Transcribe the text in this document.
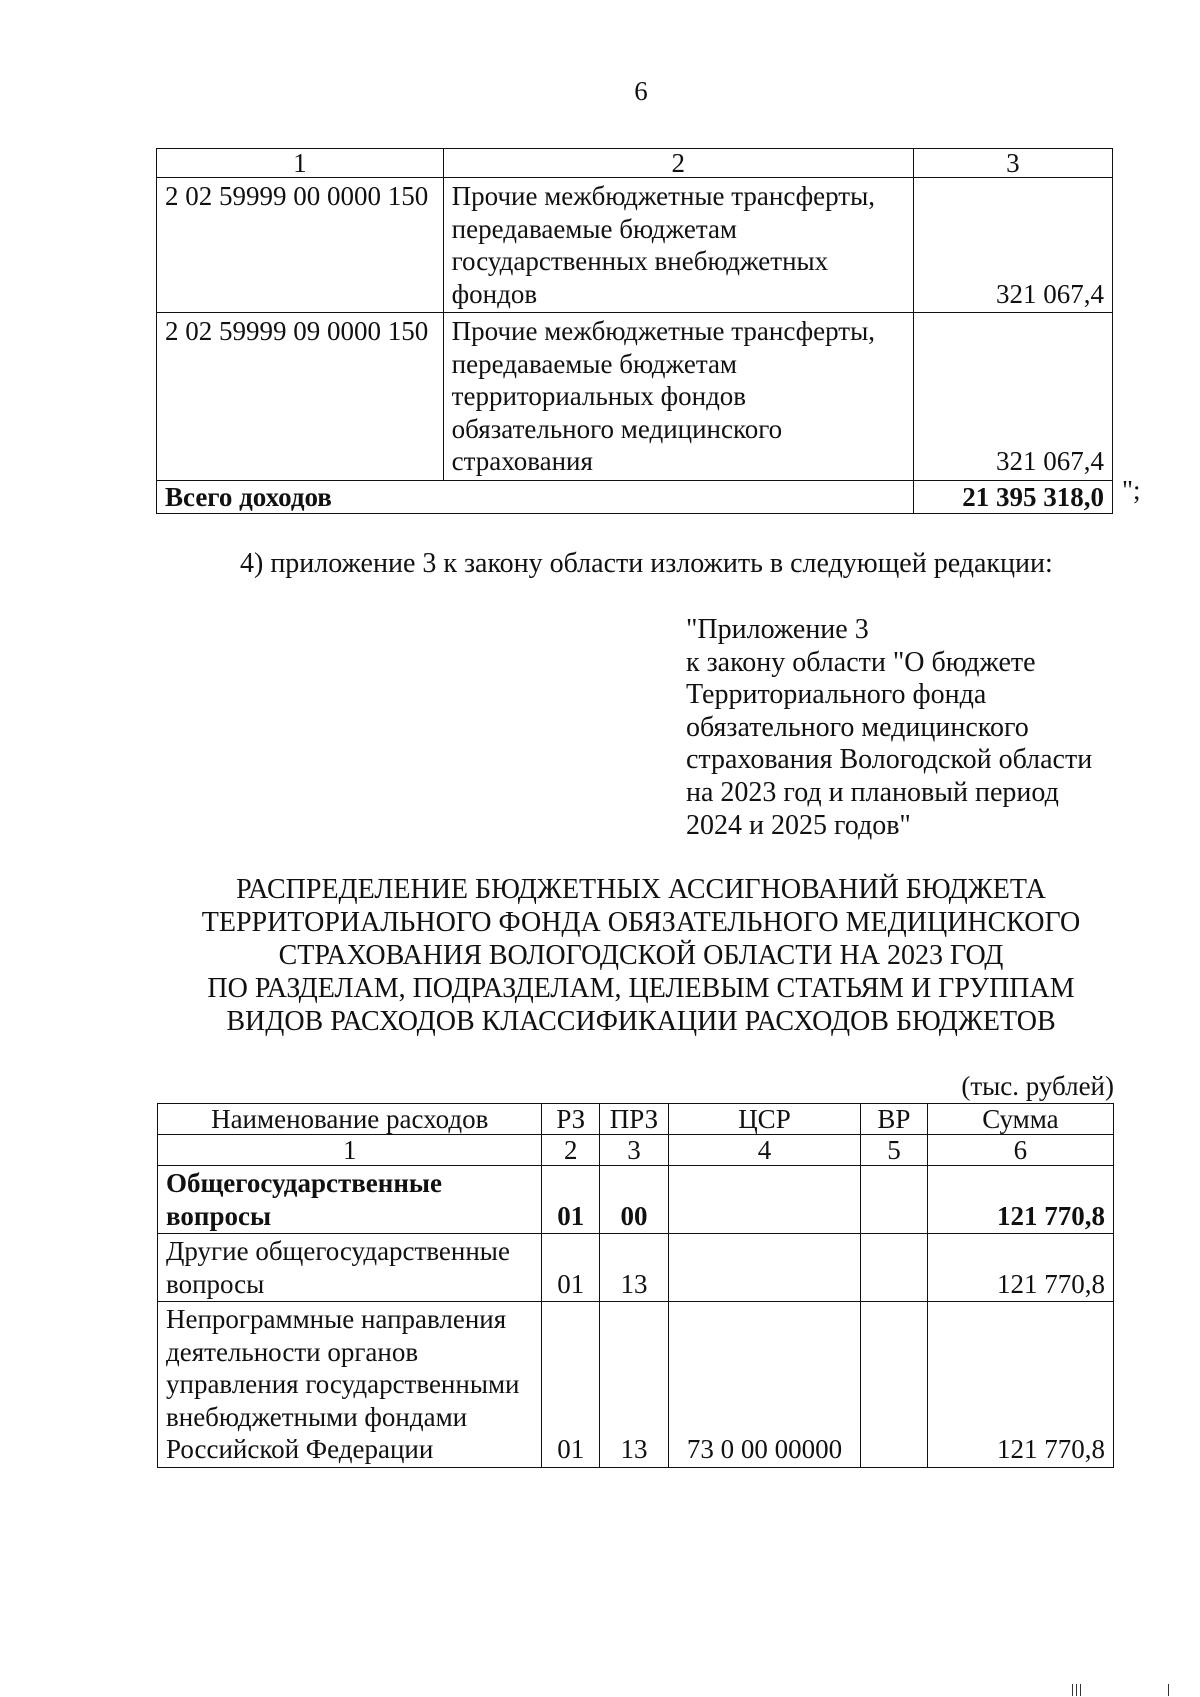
6
1	2	3
2 02 59999 00 0000 150	Прочие межбюджетные трансферты,
передаваемые бюджетам
государственных внебюджетных
фондов	321 067,4
2 02 59999 09 0000 150	Прочие межбюджетные трансферты,
передаваемые бюджетам
территориальных фондов
обязательного медицинского
страхования	321 067,4
Всего доходов		21 395 318,0 ";
4) приложение 3 к закону области изложить в следующей редакции:
"Приложение 3
к закону области "О бюджете
Территориального фонда
обязательного медицинского
страхования Вологодской области
на 2023 год и плановый период
2024 и 2025 годов"
РАСПРЕДЕЛЕНИЕ БЮДЖЕТНЫХ АССИГНОВАНИЙ БЮДЖЕТА
ТЕРРИТОРИАЛЬНОГО ФОНДА ОБЯЗАТЕЛЬНОГО МЕДИЦИНСКОГО
СТРАХОВАНИЯ ВОЛОГОДСКОЙ ОБЛАСТИ НА 2023 ГОД
ПО РАЗДЕЛАМ, ПОДРАЗДЕЛАМ, ЦЕЛЕВЫМ СТАТЬЯМ И ГРУППАМ
ВИДОВ РАСХОДОВ КЛАССИФИКАЦИИ РАСХОДОВ БЮДЖЕТОВ
(тыс. рублей)
Наименование расходов	РЗ	ПРЗ	ЦСР	ВР	Сумма
1	2	3	4	5	6

Общегосударственные
вопросы	01	00			121 770,8

Другие общегосударственные
вопросы	01	13			121 770,8

Непрограммные направления
деятельности органов
управления государственными
внебюджетными фондами
Российской Федерации	01	13	73 0 00 00000		121 770,8
